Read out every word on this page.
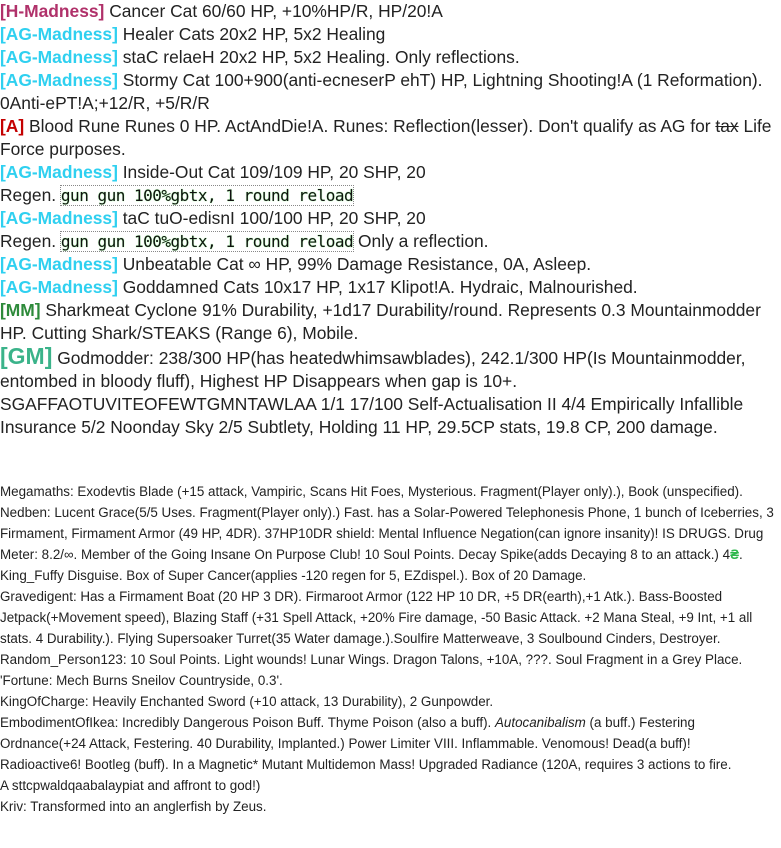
[H-Madness] Cancer Cat 60/60 HP, +10%HP/R, HP/20!A
[AG-Madness] Healer Cats 20x2 HP, 5x2 Healing
[AG-Madness] staC relaeH 20x2 HP, 5x2 Healing. Only reflections.
[AG-Madness] Stormy Cat 100+900(anti-ecneserP ehT) HP, Lightning Shooting!A (1 Reformation). 0Anti-ePT!A;+12/R, +5/R/R
[A] Blood Rune Runes 0 HP. ActAndDie!A. Runes: Reflection(lesser). Don't qualify as AG for tax Life Force purposes.
[AG-Madness] Inside-Out Cat 109/109 HP, 20 SHP, 20
Regen. gun gun 100%gbtx, 1 round reload
[AG-Madness] taC tuO-edisnI 100/100 HP, 20 SHP, 20
Regen. gun gun 100%gbtx, 1 round reload Only a reflection.
[AG-Madness] Unbeatable Cat ∞ HP, 99% Damage Resistance, 0A, Asleep.
[AG-Madness] Goddamned Cats 10x17 HP, 1x17 Klipot!A. Hydraic, Malnourished.
[MM] Sharkmeat Cyclone 91% Durability, +1d17 Durability/round. Represents 0.3 Mountainmodder HP. Cutting Shark/STEAKS (Range 6), Mobile.
[GM] Godmodder: 238/300 HP(has heatedwhimsawblades), 242.1/300 HP(Is Mountainmodder, entombed in bloody fluff), Highest HP Disappears when gap is 10+. SGAFFAOTUVITEOFEWTGMNTAWLAA 1/1 17/100 Self-Actualisation II 4/4 Empirically Infallible Insurance 5/2 Noonday Sky 2/5 Subtlety, Holding 11 HP, 29.5CP stats, 19.8 CP, 200 damage.
Megamaths: Exodevtis Blade (+15 attack, Vampiric, Scans Hit Foes, Mysterious. Fragment(Player only).), Book (unspecified).
Nedben: Lucent Grace(5/5 Uses. Fragment(Player only).) Fast. has a Solar-Powered Telephonesis Phone, 1 bunch of Iceberries, 3 Firmament, Firmament Armor (49 HP, 4DR). 37HP10DR shield: Mental Influence Negation(can ignore insanity)! IS DRUGS. Drug Meter: 8.2/∞. Member of the Going Insane On Purpose Club! 10 Soul Points. Decay Spike(adds Decaying 8 to an attack.) 4₴. King_Fuffy Disguise. Box of Super Cancer(applies -120 regen for 5, EZdispel.). Box of 20 Damage.
Gravedigent: Has a Firmament Boat (20 HP 3 DR). Firmaroot Armor (122 HP 10 DR, +5 DR(earth),+1 Atk.). Bass-Boosted Jetpack(+Movement speed), Blazing Staff (+31 Spell Attack, +20% Fire damage, -50 Basic Attack. +2 Mana Steal, +9 Int, +1 all stats. 4 Durability.). Flying Supersoaker Turret(35 Water damage.).Soulfire Matterweave, 3 Soulbound Cinders, Destroyer.
Random_Person123: 10 Soul Points. Light wounds! Lunar Wings. Dragon Talons, +10A, ???. Soul Fragment in a Grey Place.
'Fortune: Mech Burns Sneilov Countryside, 0.3'.
KingOfCharge: Heavily Enchanted Sword (+10 attack, 13 Durability), 2 Gunpowder.
EmbodimentOfIkea: Incredibly Dangerous Poison Buff. Thyme Poison (also a buff). Autocanibalism (a buff.) Festering Ordnance(+24 Attack, Festering. 40 Durability, Implanted.) Power Limiter VIII. Inflammable. Venomous! Dead(a buff)!
Radioactive6! Bootleg (buff). In a Magnetic* Mutant Multidemon Mass! Upgraded Radiance (120A, requires 3 actions to fire.
A sttcpwaldqaabalaypiat and affront to god!)
Kriv: Transformed into an anglerfish by Zeus.
